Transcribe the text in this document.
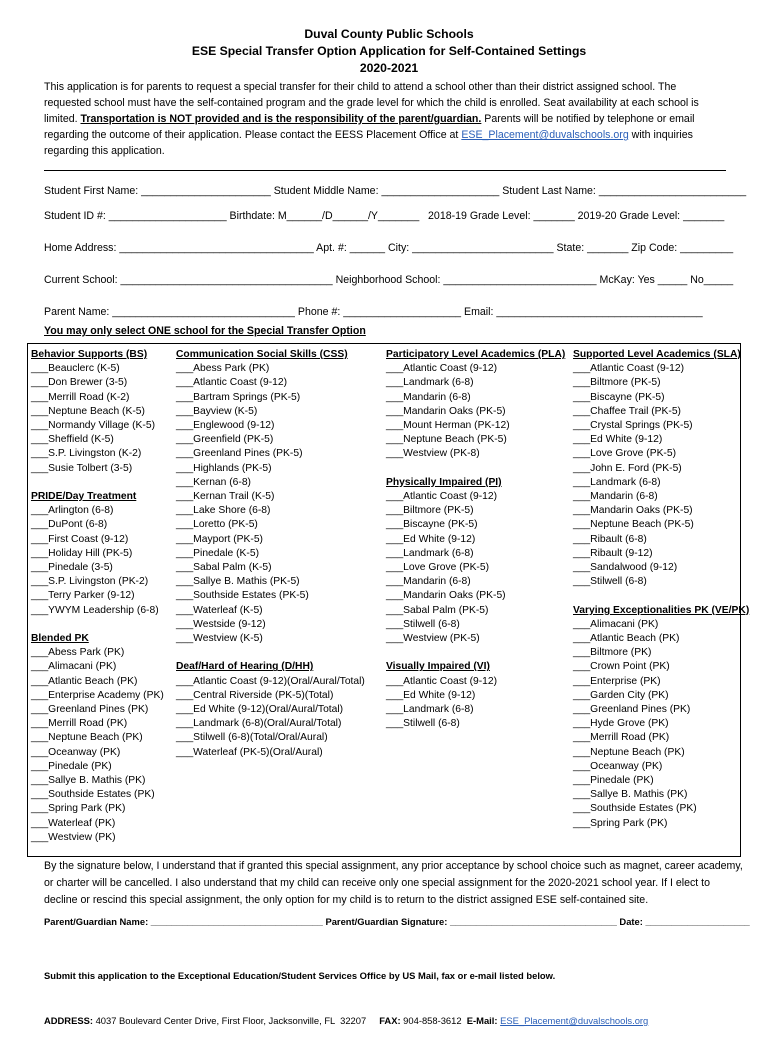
Duval County Public Schools
ESE Special Transfer Option Application for Self-Contained Settings
2020-2021
This application is for parents to request a special transfer for their child to attend a school other than their district assigned school. The requested school must have the self-contained program and the grade level for which the child is enrolled. Seat availability at each school is limited. Transportation is NOT provided and is the responsibility of the parent/guardian. Parents will be notified by telephone or email regarding the outcome of their application. Please contact the EESS Placement Office at ESE_Placement@duvalschools.org with inquiries regarding this application.
Student First Name: ______________________ Student Middle Name: ____________________ Student Last Name: _________________________
Student ID #: ____________________ Birthdate: M______/D______/Y_______   2018-19 Grade Level: _______ 2019-20 Grade Level: _______
Home Address: _________________________________ Apt. #: ______ City: ________________________ State: _______ Zip Code: _________
Current School: ____________________________________ Neighborhood School: __________________________ McKay: Yes _____ No_____
Parent Name: _______________________________ Phone #: ____________________ Email: ___________________________________
You may only select ONE school for the Special Transfer Option
Behavior Supports (BS)
___Beauclerc (K-5)
___Don Brewer (3-5)
___Merrill Road (K-2)
___Neptune Beach (K-5)
___Normandy Village (K-5)
___Sheffield (K-5)
___S.P. Livingston (K-2)
___Susie Tolbert (3-5)
PRIDE/Day Treatment
___Arlington (6-8)
___DuPont (6-8)
___First Coast (9-12)
___Holiday Hill (PK-5)
___Pinedale (3-5)
___S.P. Livingston (PK-2)
___Terry Parker (9-12)
___YWYM Leadership (6-8)
Blended PK
___Abess Park (PK)
___Alimacani (PK)
___Atlantic Beach (PK)
___Enterprise Academy (PK)
___Greenland Pines (PK)
___Merrill Road (PK)
___Neptune Beach (PK)
___Oceanway (PK)
___Pinedale (PK)
___Sallye B. Mathis (PK)
___Southside Estates (PK)
___Spring Park (PK)
___Waterleaf (PK)
___Westview (PK)
Communication Social Skills (CSS)
___Abess Park (PK)
___Atlantic Coast (9-12)
___Bartram Springs (PK-5)
___Bayview (K-5)
___Englewood (9-12)
___Greenfield (PK-5)
___Greenland Pines (PK-5)
___Highlands (PK-5)
___Kernan (6-8)
___Kernan Trail (K-5)
___Lake Shore (6-8)
___Loretto (PK-5)
___Mayport (PK-5)
___Pinedale (K-5)
___Sabal Palm (K-5)
___Sallye B. Mathis (PK-5)
___Southside Estates (PK-5)
___Waterleaf (K-5)
___Westside (9-12)
___Westview (K-5)
Deaf/Hard of Hearing (D/HH)
___Atlantic Coast (9-12)(Oral/Aural/Total)
___Central Riverside (PK-5)(Total)
___Ed White (9-12)(Oral/Aural/Total)
___Landmark (6-8)(Oral/Aural/Total)
___Stilwell (6-8)(Total/Oral/Aural)
___Waterleaf (PK-5)(Oral/Aural)
Participatory Level Academics (PLA)
___Atlantic Coast (9-12)
___Landmark (6-8)
___Mandarin (6-8)
___Mandarin Oaks (PK-5)
___Mount Herman (PK-12)
___Neptune Beach (PK-5)
___Westview (PK-8)
Physically Impaired (PI)
___Atlantic Coast (9-12)
___Biltmore (PK-5)
___Biscayne (PK-5)
___Ed White (9-12)
___Landmark (6-8)
___Love Grove (PK-5)
___Mandarin (6-8)
___Mandarin Oaks (PK-5)
___Sabal Palm (PK-5)
___Stilwell (6-8)
___Westview (PK-5)
Visually Impaired (VI)
___Atlantic Coast (9-12)
___Ed White (9-12)
___Landmark (6-8)
___Stilwell (6-8)
Supported Level Academics (SLA)
___Atlantic Coast (9-12)
___Biltmore (PK-5)
___Biscayne (PK-5)
___Chaffee Trail (PK-5)
___Crystal Springs (PK-5)
___Ed White (9-12)
___Love Grove (PK-5)
___John E. Ford (PK-5)
___Landmark (6-8)
___Mandarin (6-8)
___Mandarin Oaks (PK-5)
___Neptune Beach (PK-5)
___Ribault (6-8)
___Ribault (9-12)
___Sandalwood (9-12)
___Stilwell (6-8)
Varying Exceptionalities PK (VE/PK)
___Alimacani (PK)
___Atlantic Beach (PK)
___Biltmore (PK)
___Crown Point (PK)
___Enterprise (PK)
___Garden City (PK)
___Greenland Pines (PK)
___Hyde Grove (PK)
___Merrill Road (PK)
___Neptune Beach (PK)
___Oceanway (PK)
___Pinedale (PK)
___Sallye B. Mathis (PK)
___Southside Estates (PK)
___Spring Park (PK)
By the signature below, I understand that if granted this special assignment, any prior acceptance by school choice such as magnet, career academy, or charter will be cancelled. I also understand that my child can receive only one special assignment for the 2020-2021 school year. If I elect to decline or rescind this special assignment, the only option for my child is to return to the district assigned ESE self-contained site.
Parent/Guardian Name: _________________________________ Parent/Guardian Signature: ________________________________ Date: ____________________

Submit this application to the Exceptional Education/Student Services Office by US Mail, fax or e-mail listed below.

ADDRESS: 4037 Boulevard Center Drive, First Floor, Jacksonville, FL  32207     FAX: 904-858-3612  E-Mail: ESE_Placement@duvalschools.org
